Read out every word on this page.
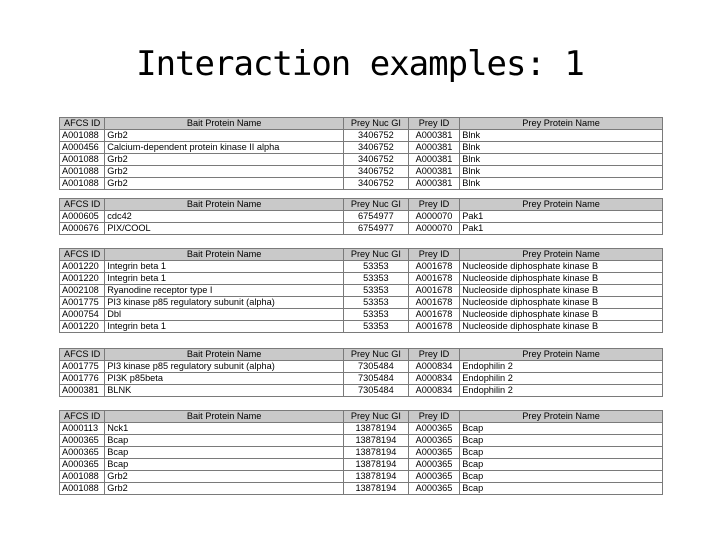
Interaction examples: 1
AFCS ID	Bait Protein Name	Prey Nuc GI	Prey ID	Prey Protein Name
A001088	Grb2	3406752	A000381	Blnk
A000456	Calcium-dependent protein kinase II alpha	3406752	A000381	Blnk
A001088	Grb2	3406752	A000381	Blnk
A001088	Grb2	3406752	A000381	Blnk
A001088	Grb2	3406752	A000381	Blnk
AFCS ID	Bait Protein Name	Prey Nuc GI	Prey ID	Prey Protein Name
A000605	cdc42	6754977	A000070	Pak1
A000676	PIX/COOL	6754977	A000070	Pak1
AFCS ID	Bait Protein Name	Prey Nuc GI	Prey ID	Prey Protein Name
A001220	Integrin beta 1	53353	A001678	Nucleoside diphosphate kinase B
A001220	Integrin beta 1	53353	A001678	Nucleoside diphosphate kinase B
A002108	Ryanodine receptor type I	53353	A001678	Nucleoside diphosphate kinase B
A001775	PI3 kinase p85 regulatory subunit (alpha)	53353	A001678	Nucleoside diphosphate kinase B
A000754	Dbl	53353	A001678	Nucleoside diphosphate kinase B
A001220	Integrin beta 1	53353	A001678	Nucleoside diphosphate kinase B
AFCS ID	Bait Protein Name	Prey Nuc GI	Prey ID	Prey Protein Name
A001775	PI3 kinase p85 regulatory subunit (alpha)	7305484	A000834	Endophilin 2
A001776	PI3K p85beta	7305484	A000834	Endophilin 2
A000381	BLNK	7305484	A000834	Endophilin 2
AFCS ID	Bait Protein Name	Prey Nuc GI	Prey ID	Prey Protein Name
A000113	Nck1	13878194	A000365	Bcap
A000365	Bcap	13878194	A000365	Bcap
A000365	Bcap	13878194	A000365	Bcap
A000365	Bcap	13878194	A000365	Bcap
A001088	Grb2	13878194	A000365	Bcap
A001088	Grb2	13878194	A000365	Bcap
